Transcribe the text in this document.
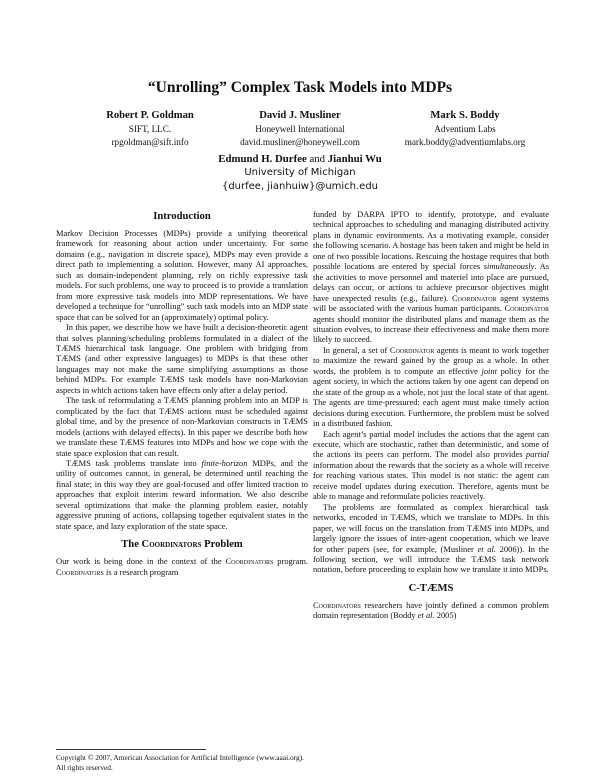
“Unrolling” Complex Task Models into MDPs
Robert P. Goldman
SIFT, LLC.
rpgoldman@sift.info
David J. Musliner
Honeywell International
david.musliner@honeywell.com
Mark S. Boddy
Adventium Labs
mark.boddy@adventiumlabs.org
Edmund H. Durfee and Jianhui Wu
University of Michigan
{durfee, jianhuiw}@umich.edu
Introduction

Markov Decision Processes (MDPs) provide a unifying theoretical framework for reasoning about action under uncertainty. For some domains (e.g., navigation in discrete space), MDPs may even provide a direct path to implementing a solution. However, many AI approaches, such as domain-independent planning, rely on richly expressive task models. For such problems, one way to proceed is to provide a translation from more expressive task models into MDP representations. We have developed a technique for “unrolling” such task models into an MDP state space that can be solved for an (approximately) optimal policy.

In this paper, we describe how we have built a decision-theoretic agent that solves planning/scheduling problems formulated in a dialect of the TÆMS hierarchical task language. One problem with bridging from TÆMS (and other expressive languages) to MDPs is that these other languages may not make the same simplifying assumptions as those behind MDPs. For example TÆMS task models have non-Markovian aspects in which actions taken have effects only after a delay period.

The task of reformulating a TÆMS planning problem into an MDP is complicated by the fact that TÆMS actions must be scheduled against global time, and by the presence of non-Markovian constructs in TÆMS models (actions with delayed effects). In this paper we describe both how we translate these TÆMS features into MDPs and how we cope with the state space explosion that can result.

TÆMS task problems translate into finite-horizon MDPs, and the utility of outcomes cannot, in general, be determined until reaching the final state; in this way they are goal-focused and offer limited traction to approaches that exploit interim reward information. We also describe several optimizations that make the planning problem easier, notably aggressive pruning of actions, collapsing together equivalent states in the state space, and lazy exploration of the state space.

The Coordinators Problem

Our work is being done in the context of the Coordinators program. Coordinators is a research program

Copyright © 2007, American Association for Artificial Intelligence (www.aaai.org). All rights reserved.

funded by DARPA IPTO to identify, prototype, and evaluate technical approaches to scheduling and managing distributed activity plans in dynamic environments. As a motivating example, consider the following scenario. A hostage has been taken and might be held in one of two possible locations. Rescuing the hostage requires that both possible locations are entered by special forces simultaneously. As the activities to move personnel and materiel into place are pursued, delays can occur, or actions to achieve precursor objectives might have unexpected results (e.g., failure). Coordinator agent systems will be associated with the various human participants. Coordinator agents should monitor the distributed plans and manage them as the situation evolves, to increase their effectiveness and make them more likely to succeed.

In general, a set of Coordinator agents is meant to work together to maximize the reward gained by the group as a whole. In other words, the problem is to compute an effective joint policy for the agent society, in which the actions taken by one agent can depend on the state of the group as a whole, not just the local state of that agent. The agents are time-pressured: each agent must make timely action decisions during execution. Furthermore, the problem must be solved in a distributed fashion.

Each agent’s partial model includes the actions that the agent can execute, which are stochastic, rather than deterministic, and some of the actions its peers can perform. The model also provides partial information about the rewards that the society as a whole will receive for reaching various states. This model is not static: the agent can receive model updates during execution. Therefore, agents must be able to manage and reformulate policies reactively.

The problems are formulated as complex hierarchical task networks, encoded in TÆMS, which we translate to MDPs. In this paper, we will focus on the translation from TÆMS into MDPs, and largely ignore the issues of inter-agent cooperation, which we leave for other papers (see, for example, (Musliner et al. 2006)). In the following section, we will introduce the TÆMS task network notation, before proceeding to explain how we translate it into MDPs.

C-TÆMS

Coordinators researchers have jointly defined a common problem domain representation (Boddy et al. 2005)
